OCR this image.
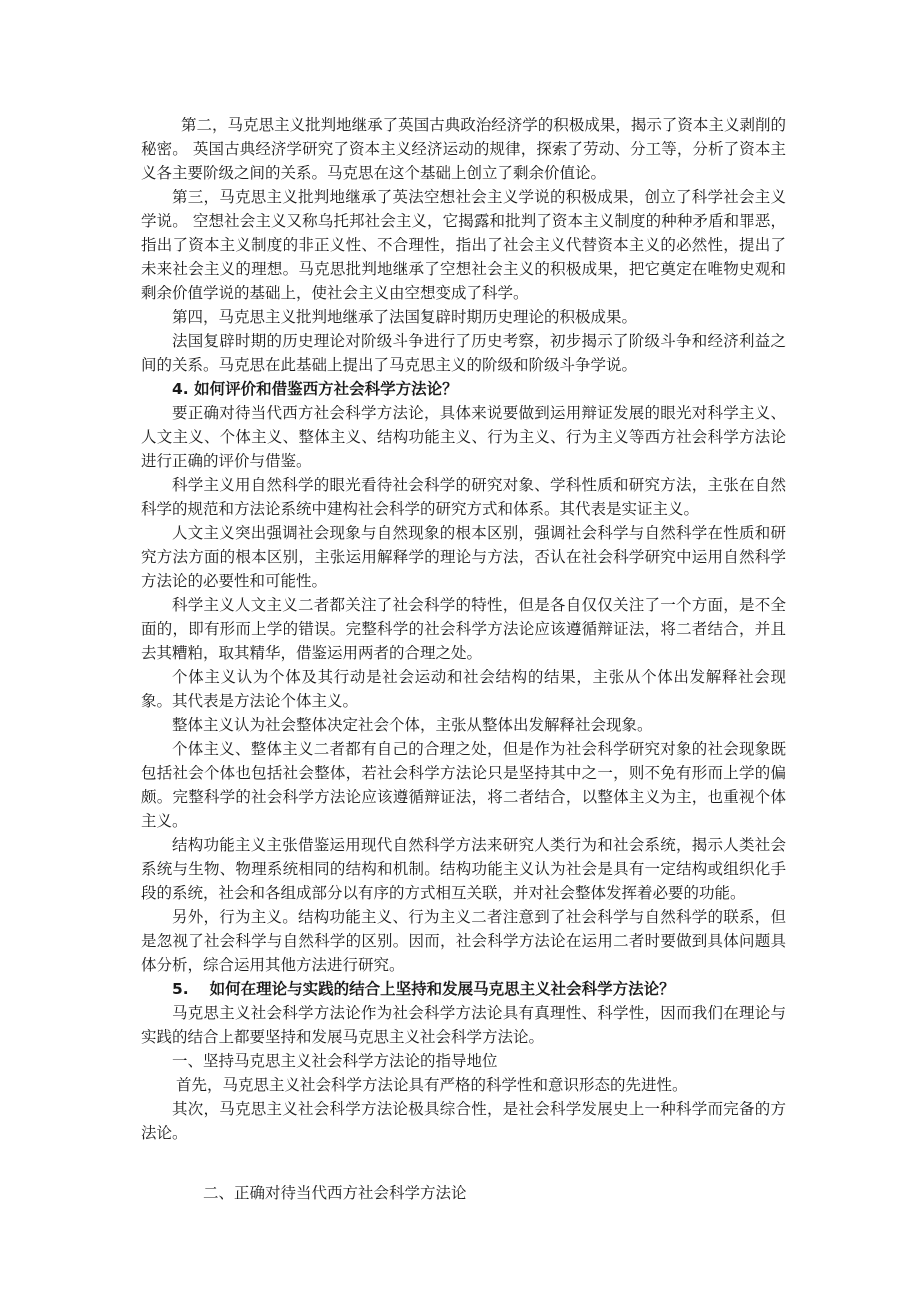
第二，马克思主义批判地继承了英国古典政治经济学的积极成果，揭示了资本主义剥削的秘密。 英国古典经济学研究了资本主义经济运动的规律，探索了劳动、分工等，分析了资本主义各主要阶级之间的关系。马克思在这个基础上创立了剩余价值论。

第三，马克思主义批判地继承了英法空想社会主义学说的积极成果，创立了科学社会主义学说。 空想社会主义又称乌托邦社会主义，它揭露和批判了资本主义制度的种种矛盾和罪恶，指出了资本主义制度的非正义性、不合理性，指出了社会主义代替资本主义的必然性，提出了未来社会主义的理想。马克思批判地继承了空想社会主义的积极成果，把它奠定在唯物史观和剩余价值学说的基础上，使社会主义由空想变成了科学。

第四，马克思主义批判地继承了法国复辟时期历史理论的积极成果。

法国复辟时期的历史理论对阶级斗争进行了历史考察，初步揭示了阶级斗争和经济利益之间的关系。马克思在此基础上提出了马克思主义的阶级和阶级斗争学说。

4. 如何评价和借鉴西方社会科学方法论？

要正确对待当代西方社会科学方法论，具体来说要做到运用辩证发展的眼光对科学主义、人文主义、个体主义、整体主义、结构功能主义、行为主义、行为主义等西方社会科学方法论进行正确的评价与借鉴。

科学主义用自然科学的眼光看待社会科学的研究对象、学科性质和研究方法，主张在自然科学的规范和方法论系统中建构社会科学的研究方式和体系。其代表是实证主义。

人文主义突出强调社会现象与自然现象的根本区别，强调社会科学与自然科学在性质和研究方法方面的根本区别，主张运用解释学的理论与方法，否认在社会科学研究中运用自然科学方法论的必要性和可能性。

科学主义人文主义二者都关注了社会科学的特性，但是各自仅仅关注了一个方面，是不全面的，即有形而上学的错误。完整科学的社会科学方法论应该遵循辩证法，将二者结合，并且去其糟粕，取其精华，借鉴运用两者的合理之处。

个体主义认为个体及其行动是社会运动和社会结构的结果，主张从个体出发解释社会现象。其代表是方法论个体主义。

整体主义认为社会整体决定社会个体，主张从整体出发解释社会现象。

个体主义、整体主义二者都有自己的合理之处，但是作为社会科学研究对象的社会现象既包括社会个体也包括社会整体，若社会科学方法论只是坚持其中之一，则不免有形而上学的偏颇。完整科学的社会科学方法论应该遵循辩证法，将二者结合，以整体主义为主，也重视个体主义。

结构功能主义主张借鉴运用现代自然科学方法来研究人类行为和社会系统，揭示人类社会系统与生物、物理系统相同的结构和机制。结构功能主义认为社会是具有一定结构或组织化手段的系统，社会和各组成部分以有序的方式相互关联，并对社会整体发挥着必要的功能。

另外，行为主义。结构功能主义、行为主义二者注意到了社会科学与自然科学的联系，但是忽视了社会科学与自然科学的区别。因而，社会科学方法论在运用二者时要做到具体问题具体分析，综合运用其他方法进行研究。

5.　 如何在理论与实践的结合上坚持和发展马克思主义社会科学方法论？

马克思主义社会科学方法论作为社会科学方法论具有真理性、科学性，因而我们在理论与实践的结合上都要坚持和发展马克思主义社会科学方法论。

一、坚持马克思主义社会科学方法论的指导地位

首先，马克思主义社会科学方法论具有严格的科学性和意识形态的先进性。

其次，马克思主义社会科学方法论极具综合性，是社会科学发展史上一种科学而完备的方法论。

二、正确对待当代西方社会科学方法论
